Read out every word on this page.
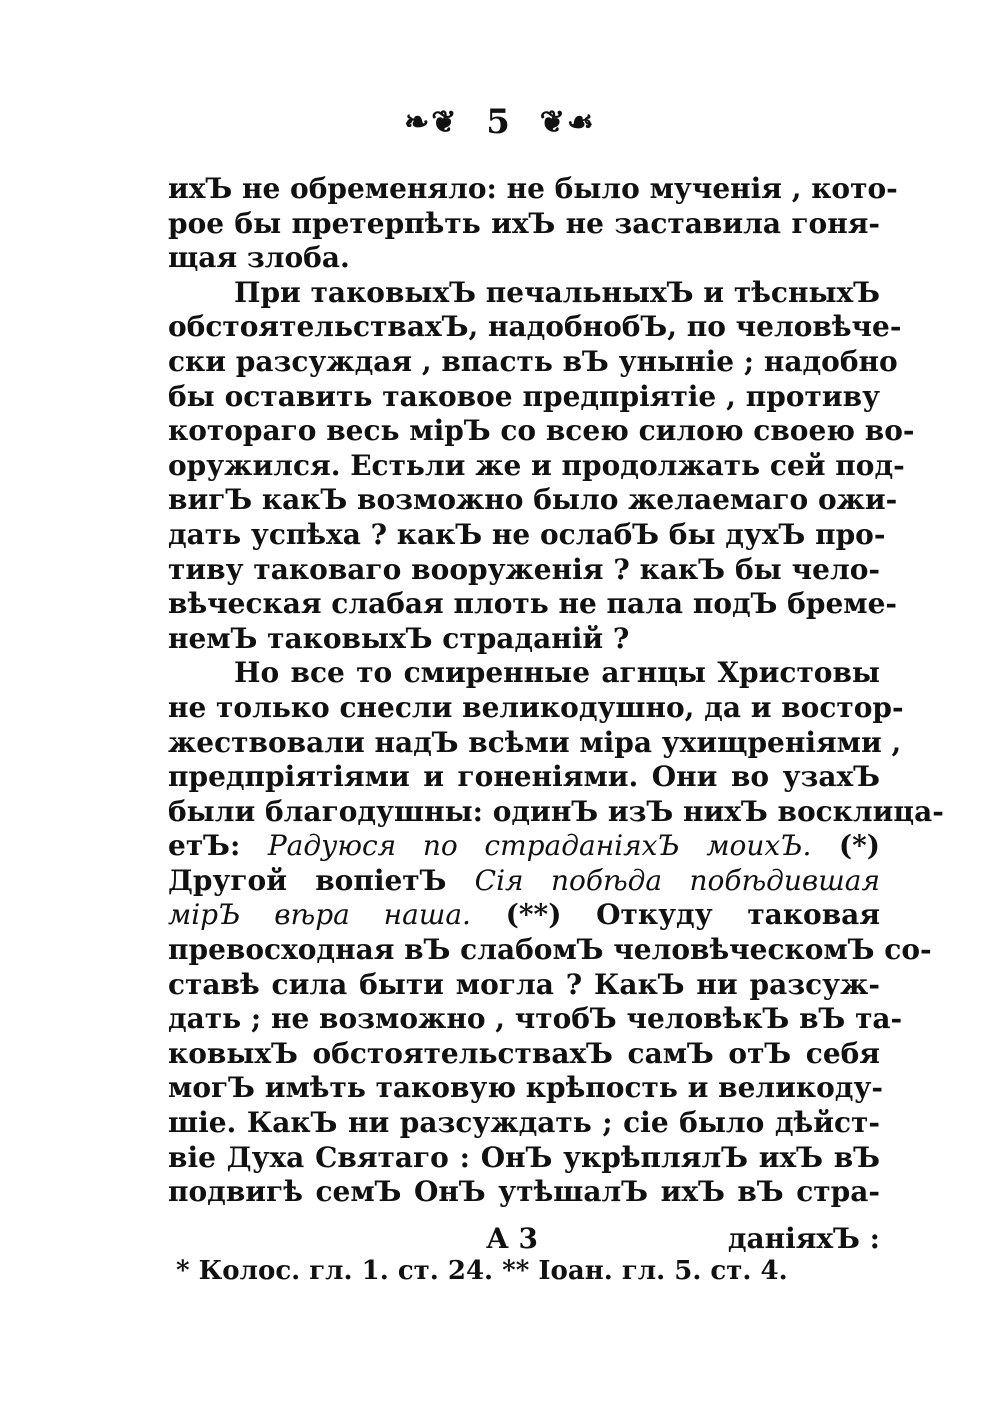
❧❦ 5 ❦☙
ихЪ не обременяло: не было мученія , кото-
рое бы претерпѣть ихЪ не заставила гоня-
щая злоба.
При таковыхЪ печальныхЪ и тѣсныхЪ
обстоятельствахЪ, надобнобЪ, по человѣче-
ски разсуждая , впасть вЪ уныніе ; надобно
бы оставить таковое предпріятіе , противу
котораго весь мірЪ со всею силою своею во-
оружился. Естьли же и продолжать сей под-
вигЪ какЪ возможно было желаемаго ожи-
дать успѣха ? какЪ не ослабЪ бы духЪ про-
тиву таковаго вооруженія ? какЪ бы чело-
вѣческая слабая плоть не пала подЪ бреме-
немЪ таковыхЪ страданій ?
Но все то смиренные агнцы Христовы
не только снесли великодушно, да и востор-
жествовали надЪ всѣми міра ухищреніями ,
предпріятіями и гоненіями. Они во узахЪ
были благодушны: одинЪ изЪ нихЪ восклица-
етЪ: Радуюся по страданіяхЪ моихЪ. (*)
Другой вопіетЪ Сія побѣда побѣдившая
мірЪ вѣра наша. (**) Откуду таковая
превосходная вЪ слабомЪ человѣческомЪ со-
ставѣ сила быти могла ? КакЪ ни разсуж-
дать ; не возможно , чтобЪ человѣкЪ вЪ та-
ковыхЪ обстоятельствахЪ самЪ отЪ себя
могЪ имѣть таковую крѣпость и великоду-
шіе. КакЪ ни разсуждать ; сіе было дѣйст-
віе Духа Святаго : ОнЪ укрѣплялЪ ихЪ вЪ
подвигѣ семЪ ОнЪ утѣшалЪ ихЪ вЪ стра-
А 3	даніяхЪ :
* Колос. гл. 1. ст. 24. ** Іоан. гл. 5. ст. 4.
